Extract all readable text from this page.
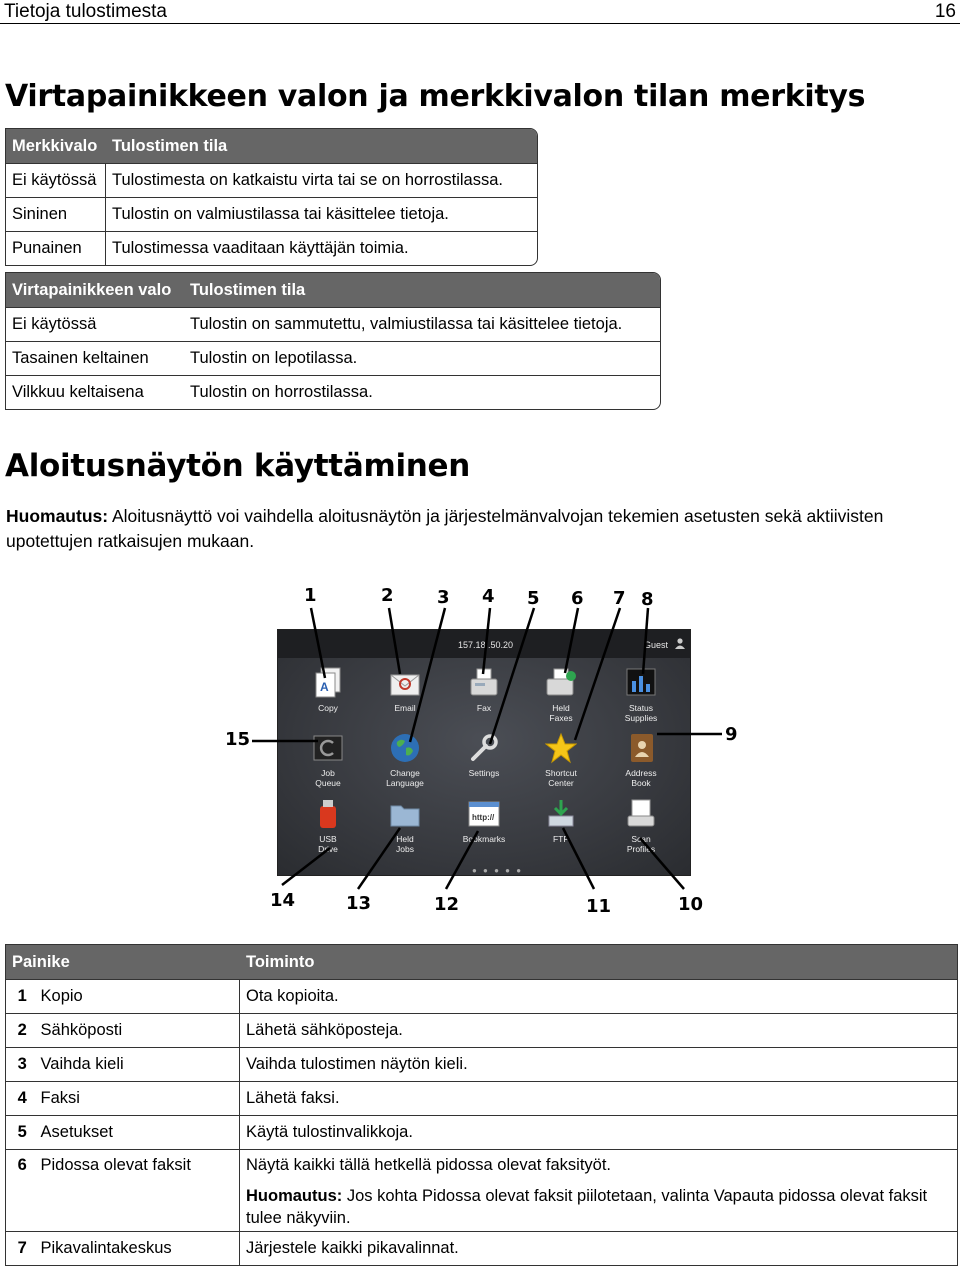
Tietoja tulostimesta	16
Virtapainikkeen valon ja merkkivalon tilan merkitys
Merkkivalo	Tulostimen tila
Ei käytössä	Tulostimesta on katkaistu virta tai se on horrostilassa.
Sininen	Tulostin on valmiustilassa tai käsittelee tietoja.
Punainen	Tulostimessa vaaditaan käyttäjän toimia.
Virtapainikkeen valo	Tulostimen tila
Ei käytössä	Tulostin on sammutettu, valmiustilassa tai käsittelee tietoja.
Tasainen keltainen	Tulostin on lepotilassa.
Vilkkuu keltaisena	Tulostin on horrostilassa.
Aloitusnäytön käyttäminen

Huomautus: Aloitusnäyttö voi vaihdella aloitusnäytön ja järjestelmänvalvojan tekemien asetusten sekä aktiivisten upotettujen ratkaisujen mukaan.

157.18 .50.20	Guest
A
Copy	Email	Fax	Held
Faxes
Status
Supplies
Job
Queue
Change
Language
Settings	Shortcut
Center
Address
Book
USB
Drive
Held
Jobs
http://
Bookmarks	FTP	Scan
Profiles
● ● ● ● ●
1	2 3 4 5 6 7 8
9
10
11
12
13
14
15
Painike		Toiminto
1	Kopio	Ota kopioita.
2	Sähköposti	Lähetä sähköposteja.
3	Vaihda kieli	Vaihda tulostimen näytön kieli.
4	Faksi	Lähetä faksi.
5	Asetukset	Käytä tulostinvalikkoja.
6	Pidossa olevat faksit	Näytä kaikki tällä hetkellä pidossa olevat faksityöt.
Huomautus: Jos kohta Pidossa olevat faksit piilotetaan, valinta Vapauta pidossa olevat faksit tulee näkyviin.

7	Pikavalintakeskus	Järjestele kaikki pikavalinnat.
